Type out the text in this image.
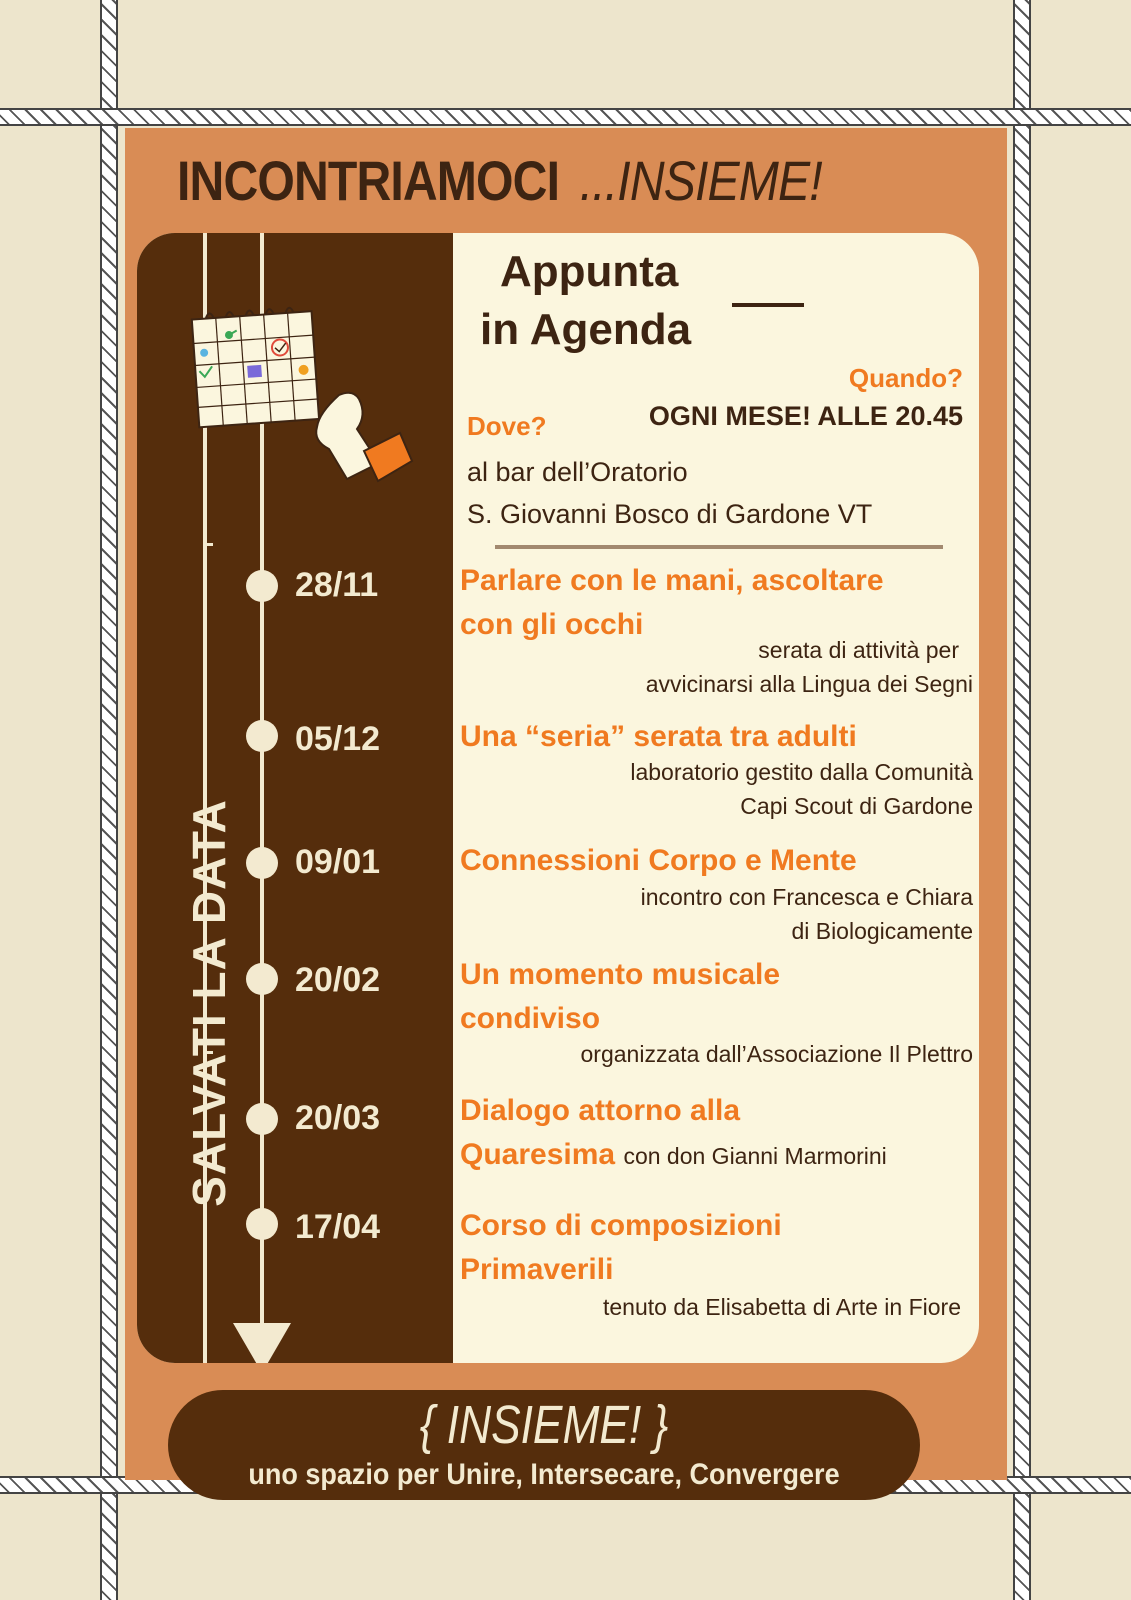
INCONTRIAMOCI ...INSIEME!
SALVATI LA DATA
28/11
05/12
09/01
20/02
20/03
17/04
Appunta
in Agenda
Quando?
Dove?	OGNI MESE! ALLE 20.45
al bar dell’Oratorio
S. Giovanni Bosco di Gardone VT
Parlare con le mani, ascoltare
con gli occhi
serata di attività per
avvicinarsi alla Lingua dei Segni
Una “seria” serata tra adulti
laboratorio gestito dalla Comunità
Capi Scout di Gardone
Connessioni Corpo e Mente
incontro con Francesca e Chiara
di Biologicamente
Un momento musicale
condiviso
organizzata dall’Associazione Il Plettro
Dialogo attorno alla
Quaresima con don Gianni Marmorini
Corso di composizioni
Primaverili
tenuto da Elisabetta di Arte in Fiore
{ INSIEME! }
uno spazio per Unire, Intersecare, Convergere
